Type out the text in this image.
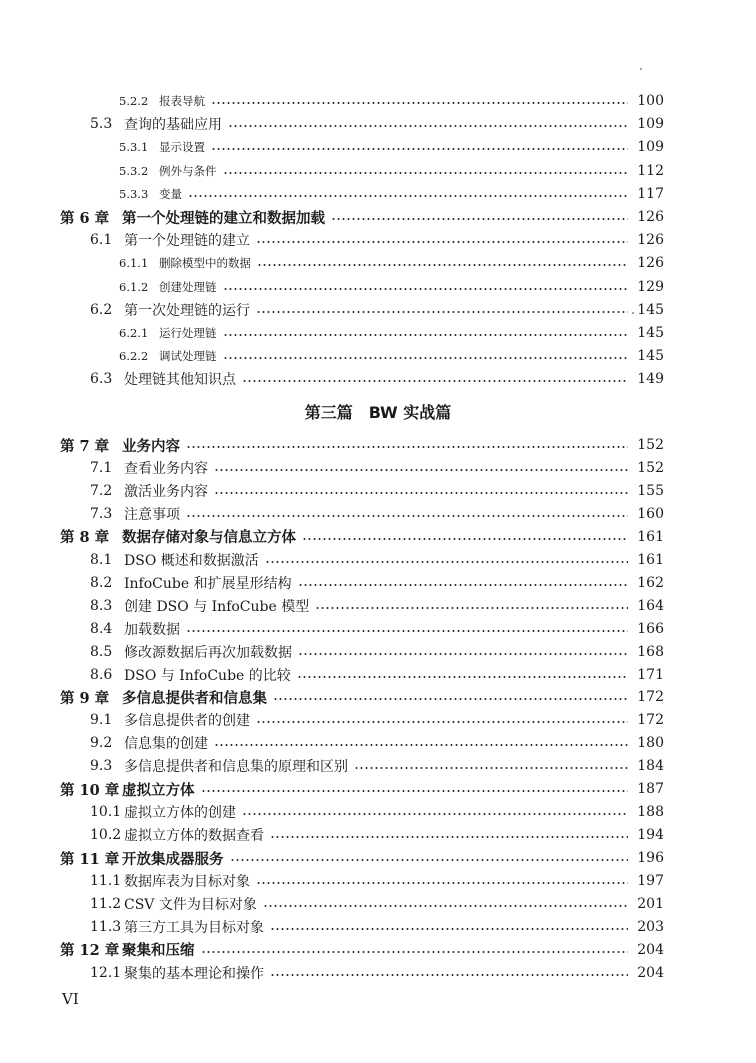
5.2.2 报表导航	100
5.3 查询的基础应用	109
5.3.1 显示设置	109
5.3.2 例外与条件	112
5.3.3 变量	117
第 6 章 第一个处理链的建立和数据加载	126
6.1 第一个处理链的建立	126
6.1.1 删除模型中的数据	126
6.1.2 创建处理链	129
6.2 第一次处理链的运行	145
6.2.1 运行处理链	145
6.2.2 调试处理链	145
6.3 处理链其他知识点	149
第三篇　BW 实战篇
第 7 章 业务内容	152
7.1 查看业务内容	152
7.2 激活业务内容	155
7.3 注意事项	160
第 8 章 数据存储对象与信息立方体	161
8.1 DSO 概述和数据激活	161
8.2 InfoCube 和扩展星形结构	162
8.3 创建 DSO 与 InfoCube 模型	164
8.4 加载数据	166
8.5 修改源数据后再次加载数据	168
8.6 DSO 与 InfoCube 的比较	171
第 9 章 多信息提供者和信息集	172
9.1 多信息提供者的创建	172
9.2 信息集的创建	180
9.3 多信息提供者和信息集的原理和区别	184
第 10 章 虚拟立方体	187
10.1 虚拟立方体的创建	188
10.2 虚拟立方体的数据查看	194
第 11 章 开放集成器服务	196
11.1 数据库表为目标对象	197
11.2 CSV 文件为目标对象	201
11.3 第三方工具为目标对象	203
第 12 章 聚集和压缩	204
12.1 聚集的基本理论和操作	204
VI
